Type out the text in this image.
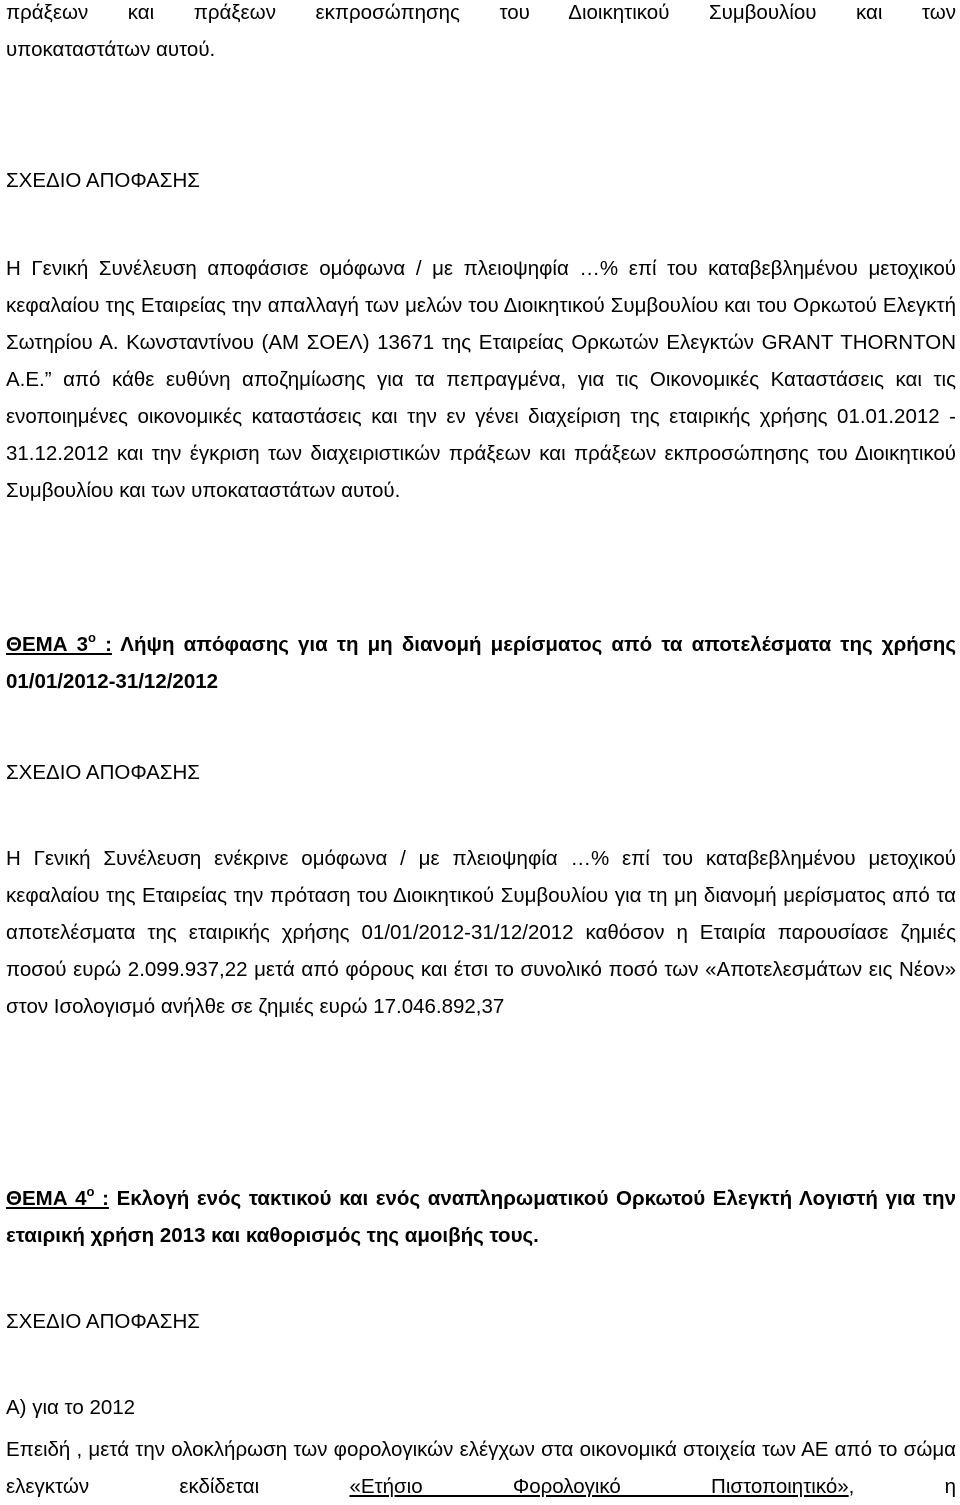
πράξεων και πράξεων εκπροσώπησης του Διοικητικού Συμβουλίου και των

υποκαταστάτων αυτού.

ΣΧΕΔΙΟ ΑΠΟΦΑΣΗΣ

Η Γενική Συνέλευση αποφάσισε ομόφωνα / με πλειοψηφία …% επί του καταβεβλημένου μετοχικού κεφαλαίου της Εταιρείας την απαλλαγή των μελών του Διοικητικού Συμβουλίου και του Ορκωτού Ελεγκτή Σωτηρίου Α. Κωνσταντίνου (ΑΜ ΣΟΕΛ) 13671 της Εταιρείας Ορκωτών Ελεγκτών GRANT THORNTON Α.Ε.” από κάθε ευθύνη αποζημίωσης για τα πεπραγμένα, για τις Οικονομικές Καταστάσεις και τις ενοποιημένες οικονομικές καταστάσεις και την εν γένει διαχείριση της εταιρικής χρήσης 01.01.2012 - 31.12.2012 και την έγκριση των διαχειριστικών πράξεων και πράξεων εκπροσώπησης του Διοικητικού Συμβουλίου και των υποκαταστάτων αυτού.

ΘΕΜΑ $3^o$ : Λήψη απόφασης για τη μη διανομή μερίσματος από τα αποτελέσματα της χρήσης 01/01/2012-31/12/2012

ΣΧΕΔΙΟ ΑΠΟΦΑΣΗΣ

Η Γενική Συνέλευση ενέκρινε ομόφωνα / με πλειοψηφία …% επί του καταβεβλημένου μετοχικού κεφαλαίου της Εταιρείας την πρόταση του Διοικητικού Συμβουλίου για τη μη διανομή μερίσματος από τα αποτελέσματα της εταιρικής χρήσης 01/01/2012-31/12/2012 καθόσον η Εταιρία παρουσίασε ζημιές ποσού ευρώ 2.099.937,22 μετά από φόρους και έτσι το συνολικό ποσό των «Αποτελεσμάτων εις Νέον» στον Ισολογισμό ανήλθε σε ζημιές ευρώ 17.046.892,37

ΘΕΜΑ $4^o$ : Εκλογή ενός τακτικού και ενός αναπληρωματικού Ορκωτού Ελεγκτή Λογιστή για την εταιρική χρήση 2013 και καθορισμός της αμοιβής τους.

ΣΧΕΔΙΟ ΑΠΟΦΑΣΗΣ

Α) για το 2012

Επειδή , μετά την ολοκλήρωση των φορολογικών ελέγχων στα οικονομικά στοιχεία των ΑΕ από το σώμα ελεγκτών εκδίδεται «Ετήσιο Φορολογικό Πιστοποιητικό», η
